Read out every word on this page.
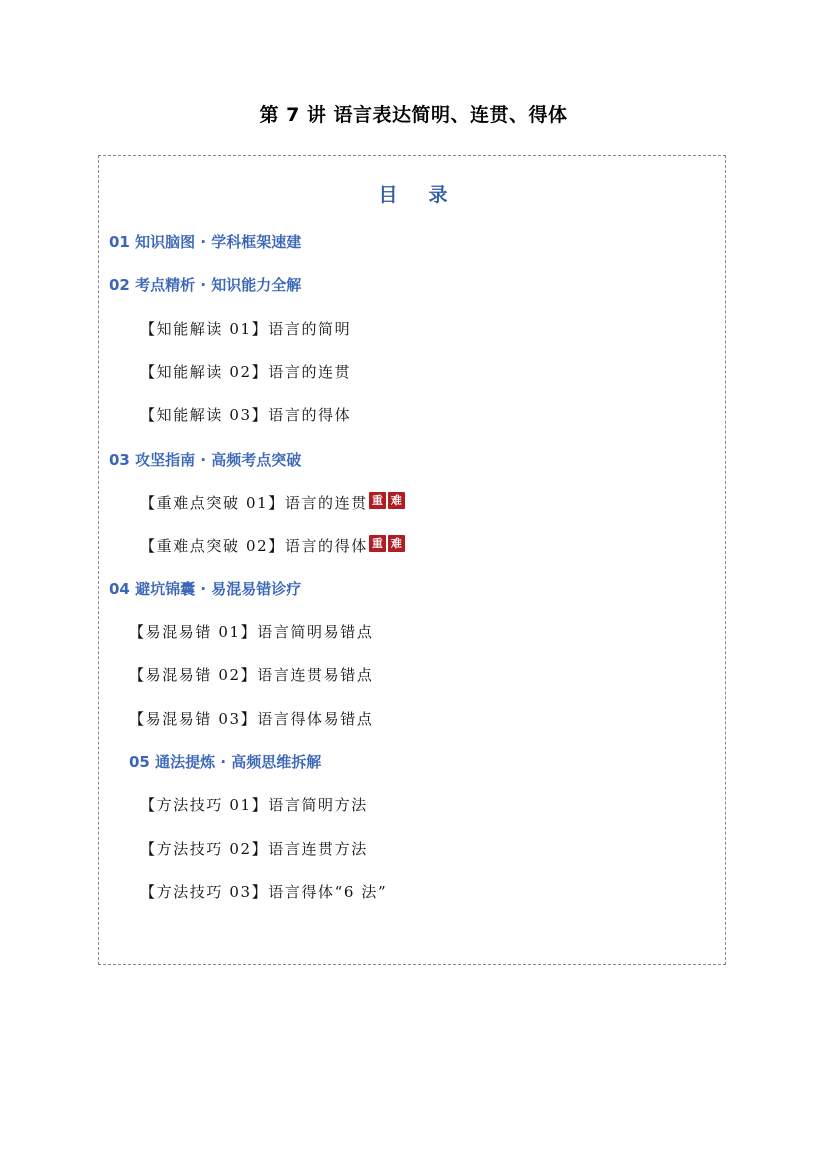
第 7 讲 语言表达简明、连贯、得体
目 录
01 知识脑图 · 学科框架速建
02 考点精析 · 知识能力全解
【知能解读 01】语言的简明
【知能解读 02】语言的连贯
【知能解读 03】语言的得体
03 攻坚指南 · 高频考点突破
【重难点突破 01】语言的连贯 重 难
【重难点突破 02】语言的得体 重 难
04 避坑锦囊 · 易混易错诊疗
【易混易错 01】语言简明易错点
【易混易错 02】语言连贯易错点
【易混易错 03】语言得体易错点
05 通法提炼 · 高频思维拆解
【方法技巧 01】语言简明方法
【方法技巧 02】语言连贯方法
【方法技巧 03】语言得体“6 法”
